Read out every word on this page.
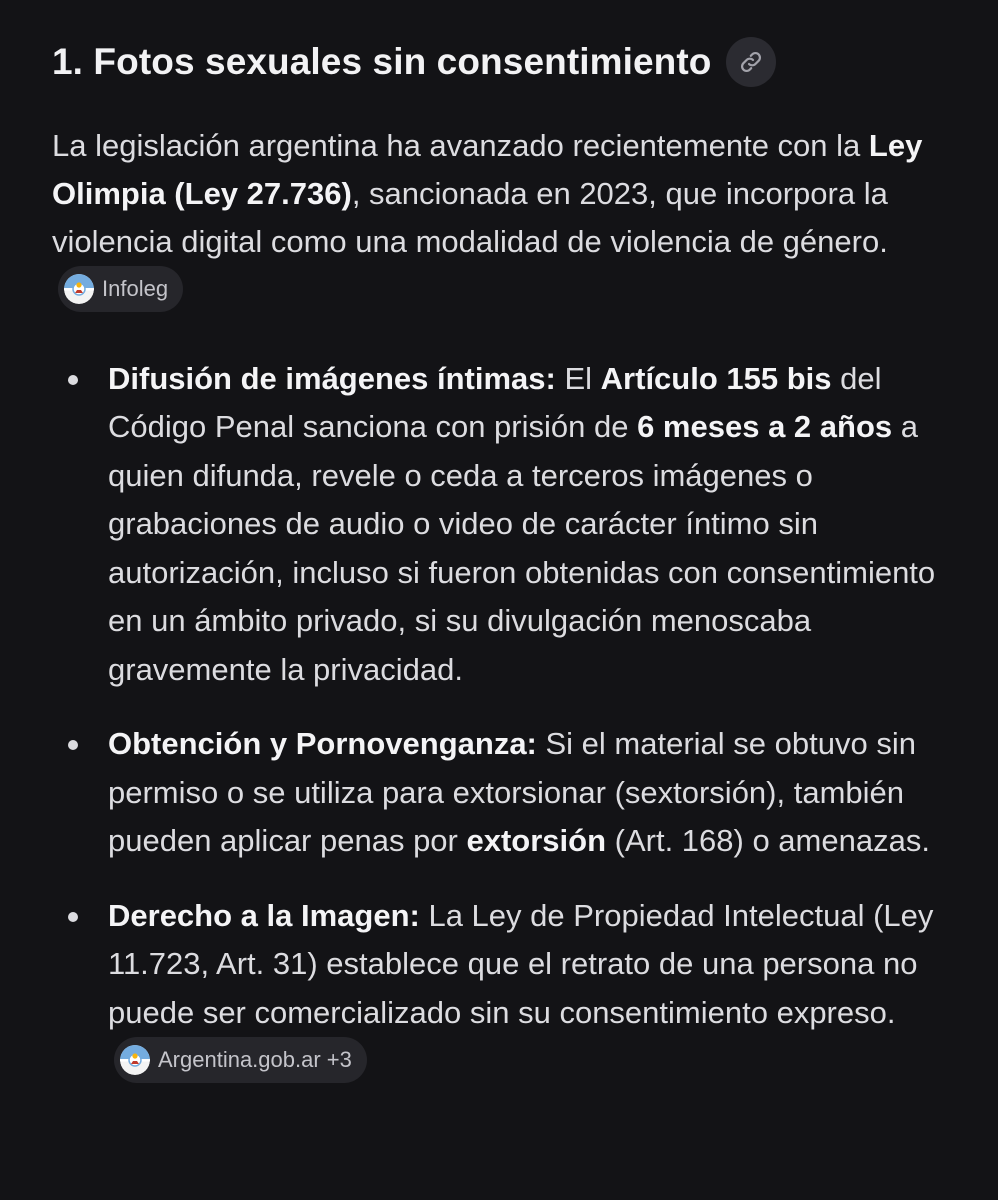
1. Fotos sexuales sin consentimiento

La legislación argentina ha avanzado recientemente con la Ley Olimpia (Ley 27.736), sancionada en 2023, que incorpora la violencia digital como una modalidad de violencia de género.
Infoleg

Difusión de imágenes íntimas: El Artículo 155 bis del Código Penal sanciona con prisión de 6 meses a 2 años a quien difunda, revele o ceda a terceros imágenes o grabaciones de audio o video de carácter íntimo sin autorización, incluso si fueron obtenidas con consentimiento en un ámbito privado, si su divulgación menoscaba gravemente la privacidad.
Obtención y Pornovenganza: Si el material se obtuvo sin permiso o se utiliza para extorsionar (sextorsión), también pueden aplicar penas por extorsión (Art. 168) o amenazas.
Derecho a la Imagen: La Ley de Propiedad Intelectual (Ley 11.723, Art. 31) establece que el retrato de una persona no puede ser comercializado sin su consentimiento expreso.
Argentina.gob.ar +3
